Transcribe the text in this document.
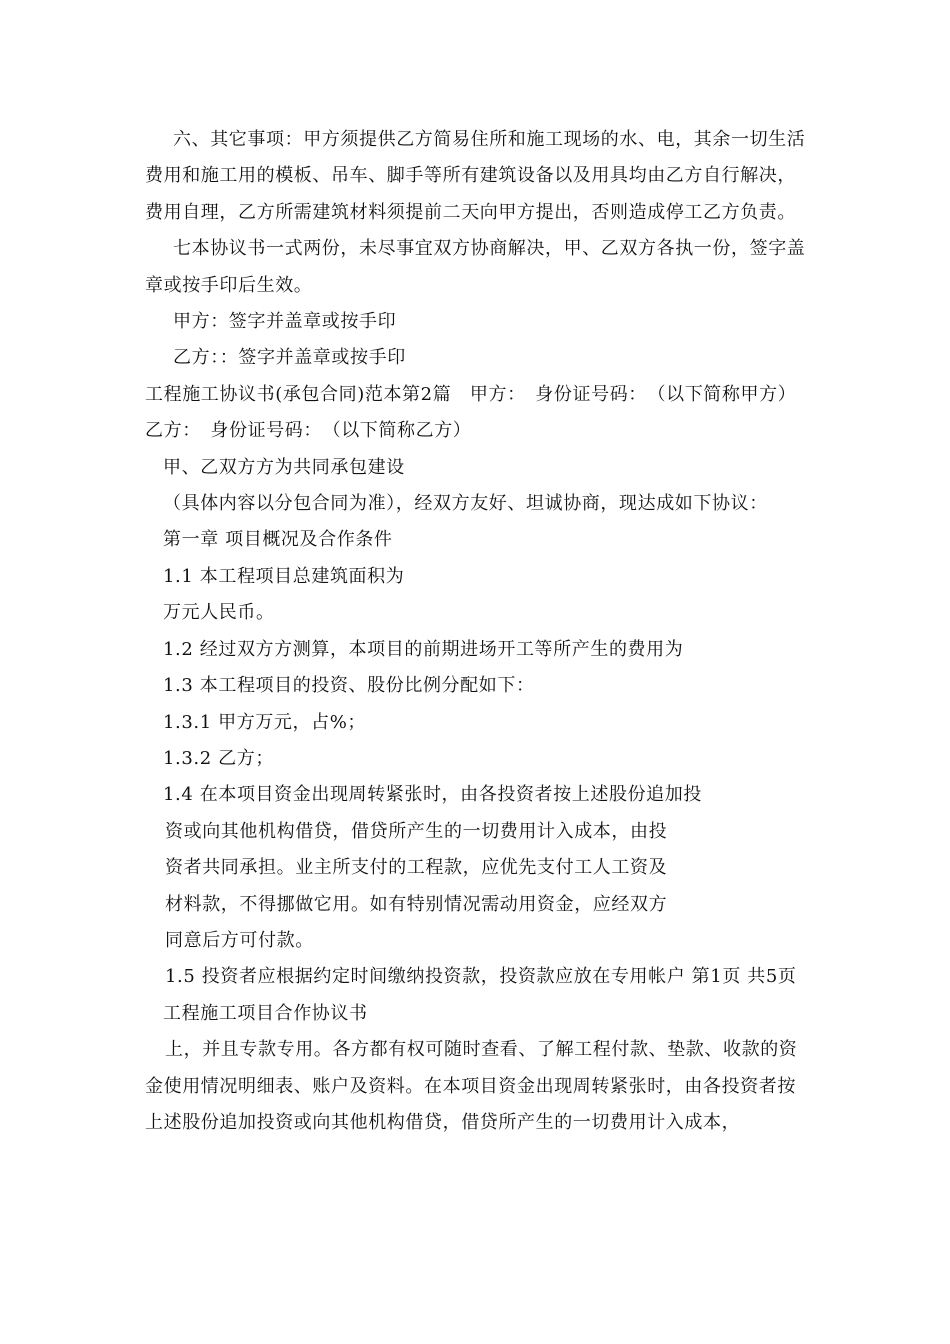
六、其它事项：甲方须提供乙方简易住所和施工现场的水、电，其余一切生活费用和施工用的模板、吊车、脚手等所有建筑设备以及用具均由乙方自行解决，费用自理，乙方所需建筑材料须提前二天向甲方提出，否则造成停工乙方负责。

七本协议书一式两份，未尽事宜双方协商解决，甲、乙双方各执一份，签字盖章或按手印后生效。

甲方：签字并盖章或按手印

乙方：：签字并盖章或按手印

工程施工协议书(承包合同)范本第2篇　甲方：　身份证号码：　（以下简称甲方）　乙方：　身份证号码：　（以下简称乙方）

甲、乙双方方为共同承包建设

（具体内容以分包合同为准），经双方友好、坦诚协商，现达成如下协议：

第一章 项目概况及合作条件

1.1 本工程项目总建筑面积为

万元人民币。

1.2 经过双方方测算，本项目的前期进场开工等所产生的费用为

1.3 本工程项目的投资、股份比例分配如下：

1.3.1 甲方万元，占%；

1.3.2 乙方；

1.4 在本项目资金出现周转紧张时，由各投资者按上述股份追加投

资或向其他机构借贷，借贷所产生的一切费用计入成本，由投

资者共同承担。业主所支付的工程款，应优先支付工人工资及

材料款，不得挪做它用。如有特别情况需动用资金，应经双方

同意后方可付款。

1.5 投资者应根据约定时间缴纳投资款，投资款应放在专用帐户 第1页 共5页

工程施工项目合作协议书

上，并且专款专用。各方都有权可随时查看、了解工程付款、垫款、收款的资金使用情况明细表、账户及资料。在本项目资金出现周转紧张时，由各投资者按上述股份追加投资或向其他机构借贷，借贷所产生的一切费用计入成本，
